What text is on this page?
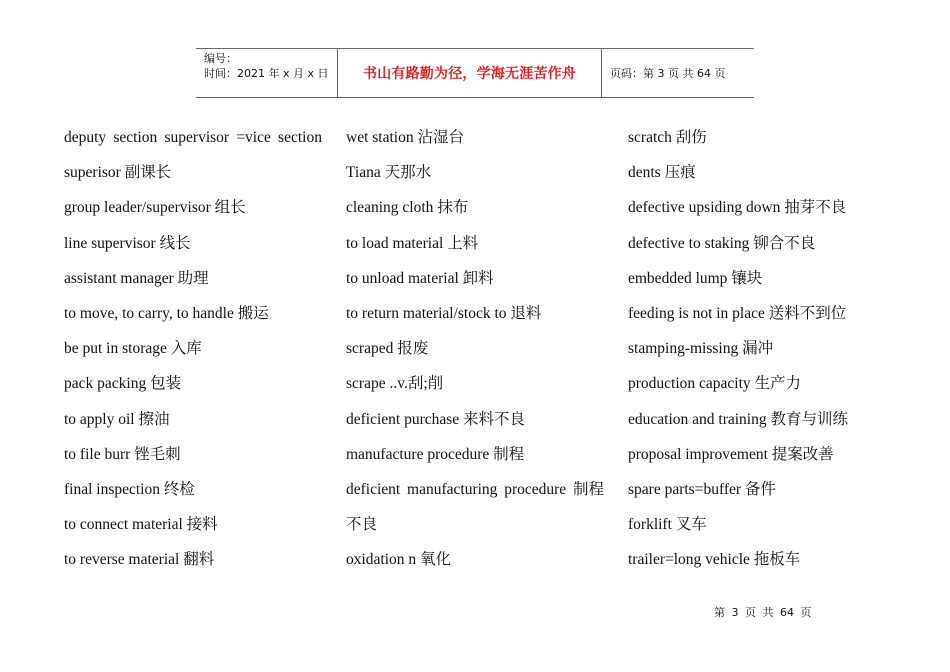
编号：
时间：2021 年 x 月 x 日	书山有路勤为径，学海无涯苦作舟	页码：第 3 页 共 64 页
deputy section supervisor =vice section
superisor 副课长
group leader/supervisor 组长
line supervisor 线长
assistant manager 助理
to move, to carry, to handle 搬运
be put in storage 入库
pack packing 包装
to apply oil 擦油
to file burr 锉毛刺
final inspection 终检
to connect material 接料
to reverse material 翻料
wet station 沾湿台
Tiana 天那水
cleaning cloth 抹布
to load material 上料
to unload material 卸料
to return material/stock to 退料
scraped 报废
scrape ..v.刮;削
deficient purchase 来料不良
manufacture procedure 制程
deficient manufacturing procedure 制程
不良
oxidation n 氧化
scratch 刮伤
dents 压痕
defective upsiding down 抽芽不良
defective to staking 铆合不良
embedded lump 镶块
feeding is not in place 送料不到位
stamping-missing 漏冲
production capacity 生产力
education and training 教育与训练
proposal improvement 提案改善
spare parts=buffer 备件
forklift 叉车
trailer=long vehicle 拖板车
第 3 页 共 64 页
